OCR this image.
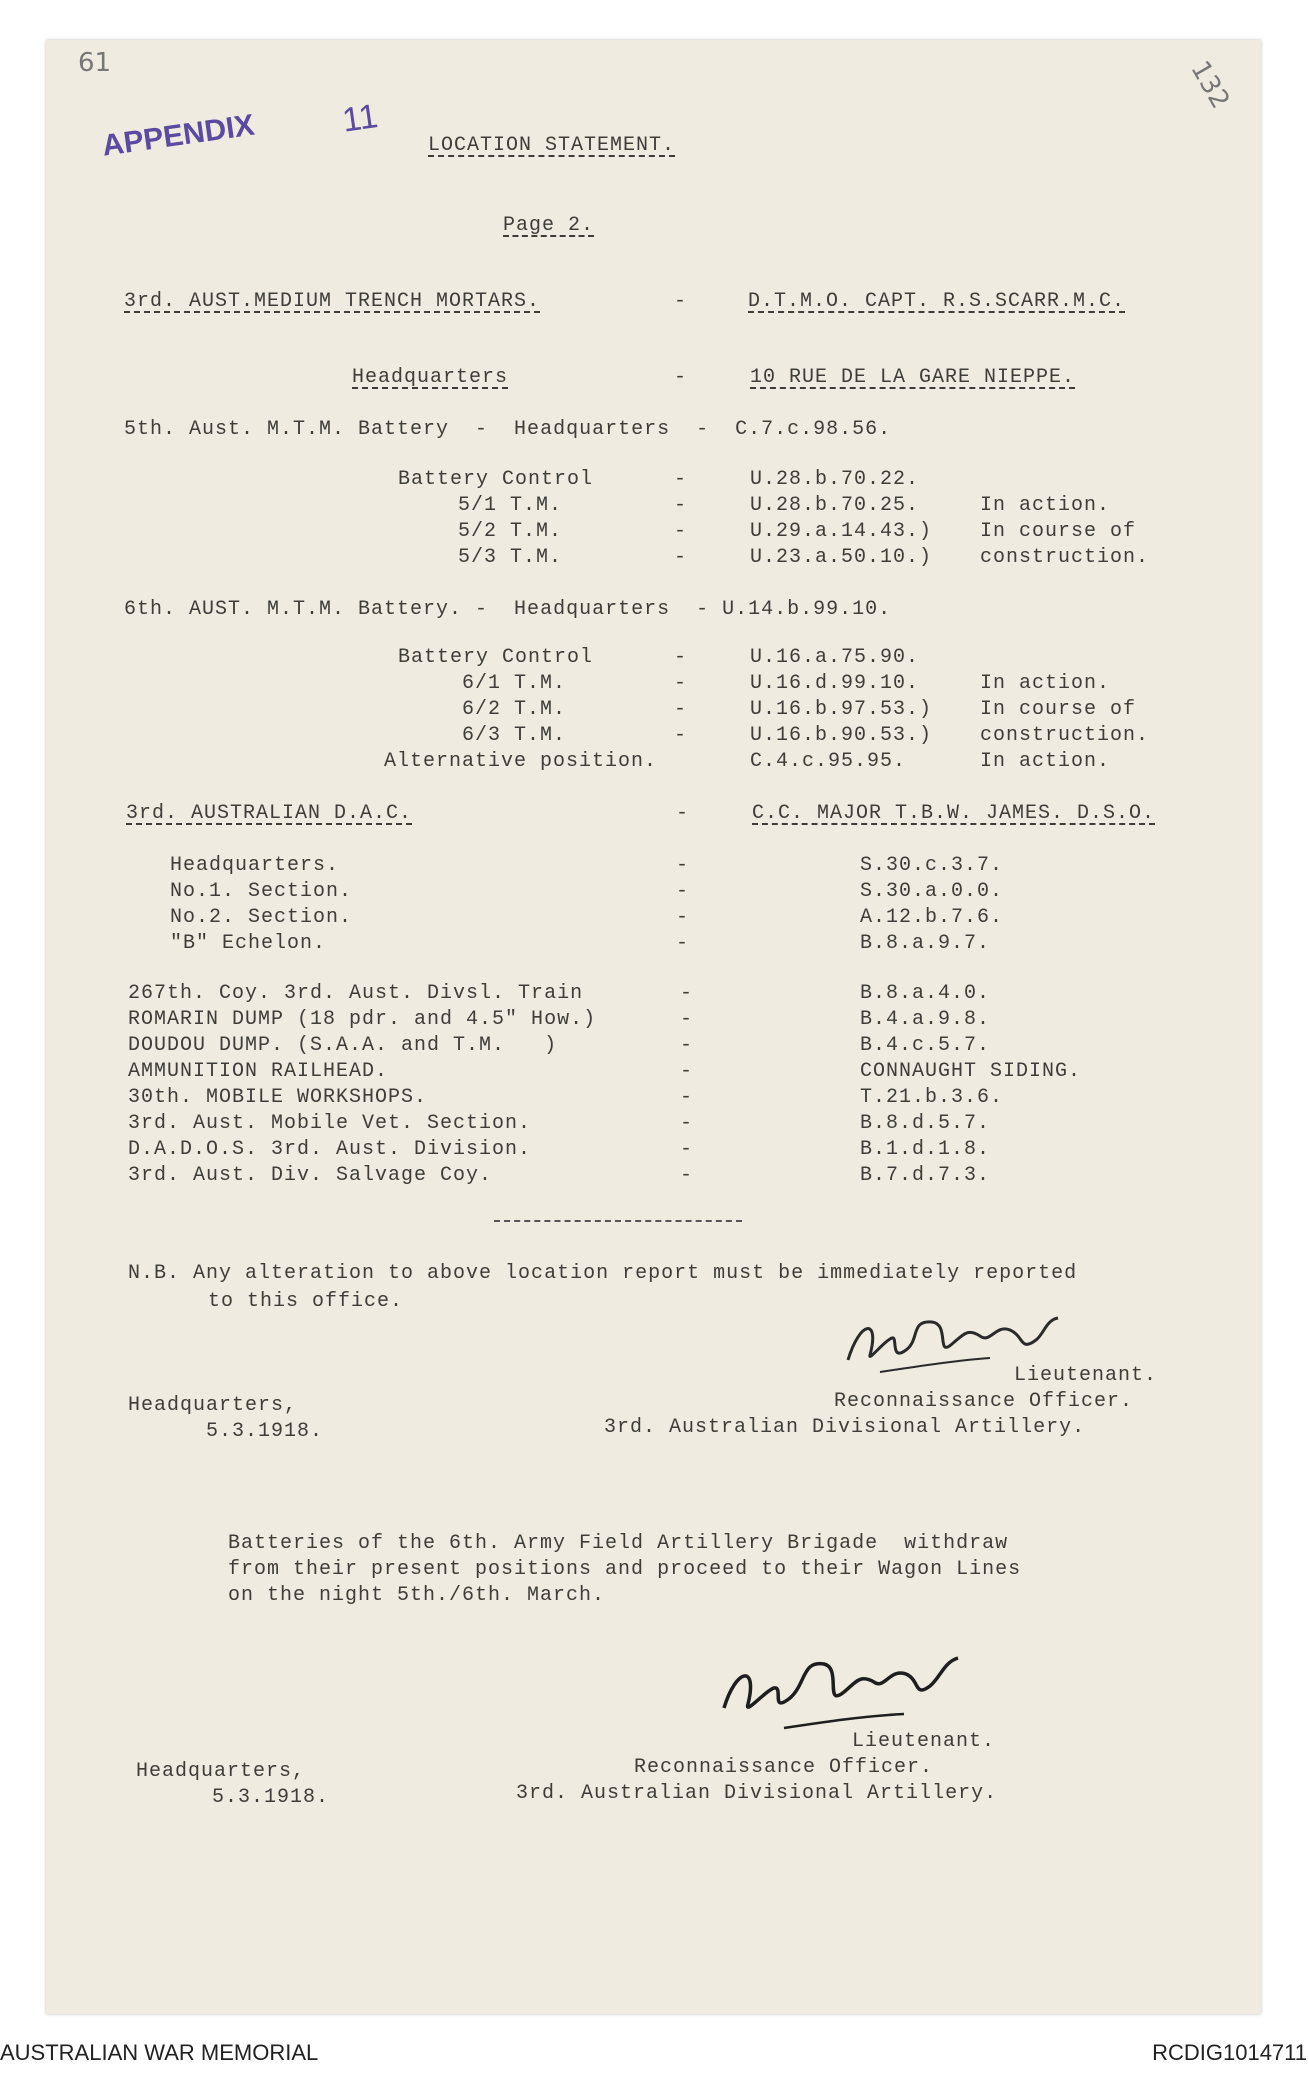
61	132
APPENDIX 11
LOCATION STATEMENT.
Page 2.
3rd. AUST.MEDIUM TRENCH MORTARS.	-	D.T.M.O. CAPT. R.S.SCARR.M.C.
Headquarters	-	10 RUE DE LA GARE NIEPPE.
5th. Aust. M.T.M. Battery  -  Headquarters  -  C.7.c.98.56.
Battery Control	-	U.28.b.70.22.
5/1 T.M.	-	U.28.b.70.25.	In action.
5/2 T.M.	-	U.29.a.14.43.) In course of
5/3 T.M.	-	U.23.a.50.10.) construction.
6th. AUST. M.T.M. Battery. -  Headquarters  - U.14.b.99.10.
Battery Control	-	U.16.a.75.90.
6/1 T.M.	-	U.16.d.99.10.	In action.
6/2 T.M.	-	U.16.b.97.53.) In course of
6/3 T.M.	-	U.16.b.90.53.) construction.
Alternative position.	C.4.c.95.95.	In action.
3rd. AUSTRALIAN D.A.C.	-	C.C. MAJOR T.B.W. JAMES. D.S.O.
Headquarters.	-	S.30.c.3.7.
No.1. Section.	-	S.30.a.0.0.
No.2. Section.	-	A.12.b.7.6.
"B" Echelon.	-	B.8.a.9.7.
267th. Coy. 3rd. Aust. Divsl. Train	-	B.8.a.4.0.
ROMARIN DUMP (18 pdr. and 4.5" How.)	-	B.4.a.9.8.
DOUDOU DUMP. (S.A.A. and T.M.   )	-	B.4.c.5.7.
AMMUNITION RAILHEAD.	-	CONNAUGHT SIDING.
30th. MOBILE WORKSHOPS.	-	T.21.b.3.6.
3rd. Aust. Mobile Vet. Section.	-	B.8.d.5.7.
D.A.D.O.S. 3rd. Aust. Division.	-	B.1.d.1.8.
3rd. Aust. Div. Salvage Coy.	-	B.7.d.7.3.
N.B. Any alteration to above location report must be immediately reported
to this office.
Lieutenant.
Reconnaissance Officer.
Headquarters,
5.3.1918.	3rd. Australian Divisional Artillery.
Batteries of the 6th. Army Field Artillery Brigade  withdraw
from their present positions and proceed to their Wagon Lines
on the night 5th./6th. March.
Lieutenant.
Reconnaissance Officer.
Headquarters,
5.3.1918.	3rd. Australian Divisional Artillery.
AUSTRALIAN WAR MEMORIAL	RCDIG1014711
